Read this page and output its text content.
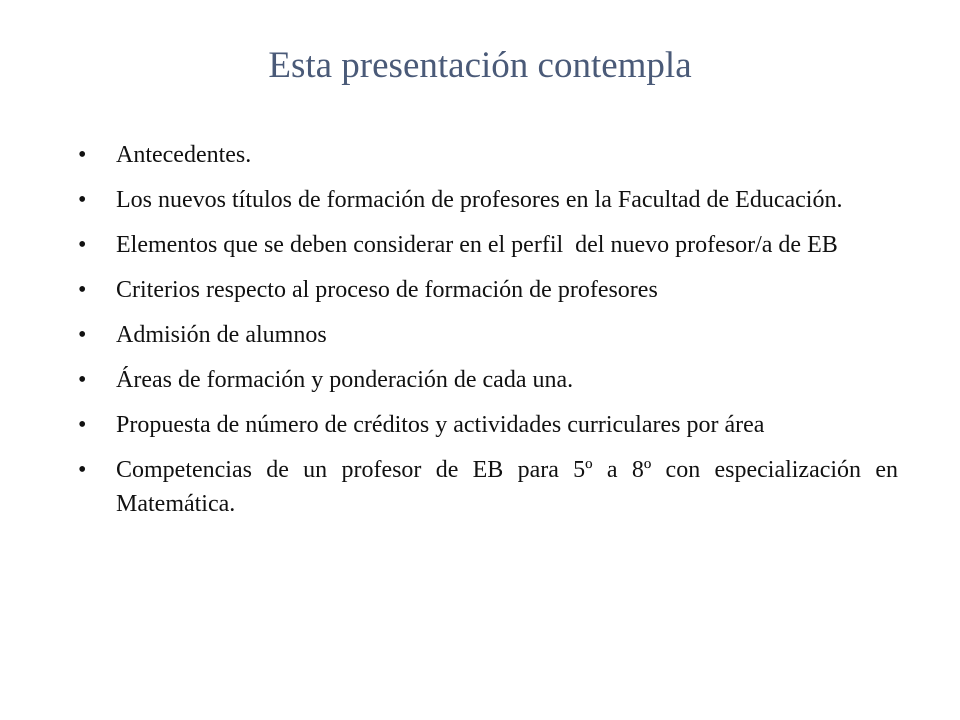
Esta presentación contempla
•	Antecedentes.
•	Los nuevos títulos de formación de profesores en la Facultad de Educación.
•	Elementos que se deben considerar en el perfil  del nuevo profesor/a de EB
•	Criterios respecto al proceso de formación de profesores
•	Admisión de alumnos
•	Áreas de formación y ponderación de cada una.
•	Propuesta de número de créditos y actividades curriculares por área
•	Competencias de un profesor de EB para 5º a 8º con especialización en Matemática.
